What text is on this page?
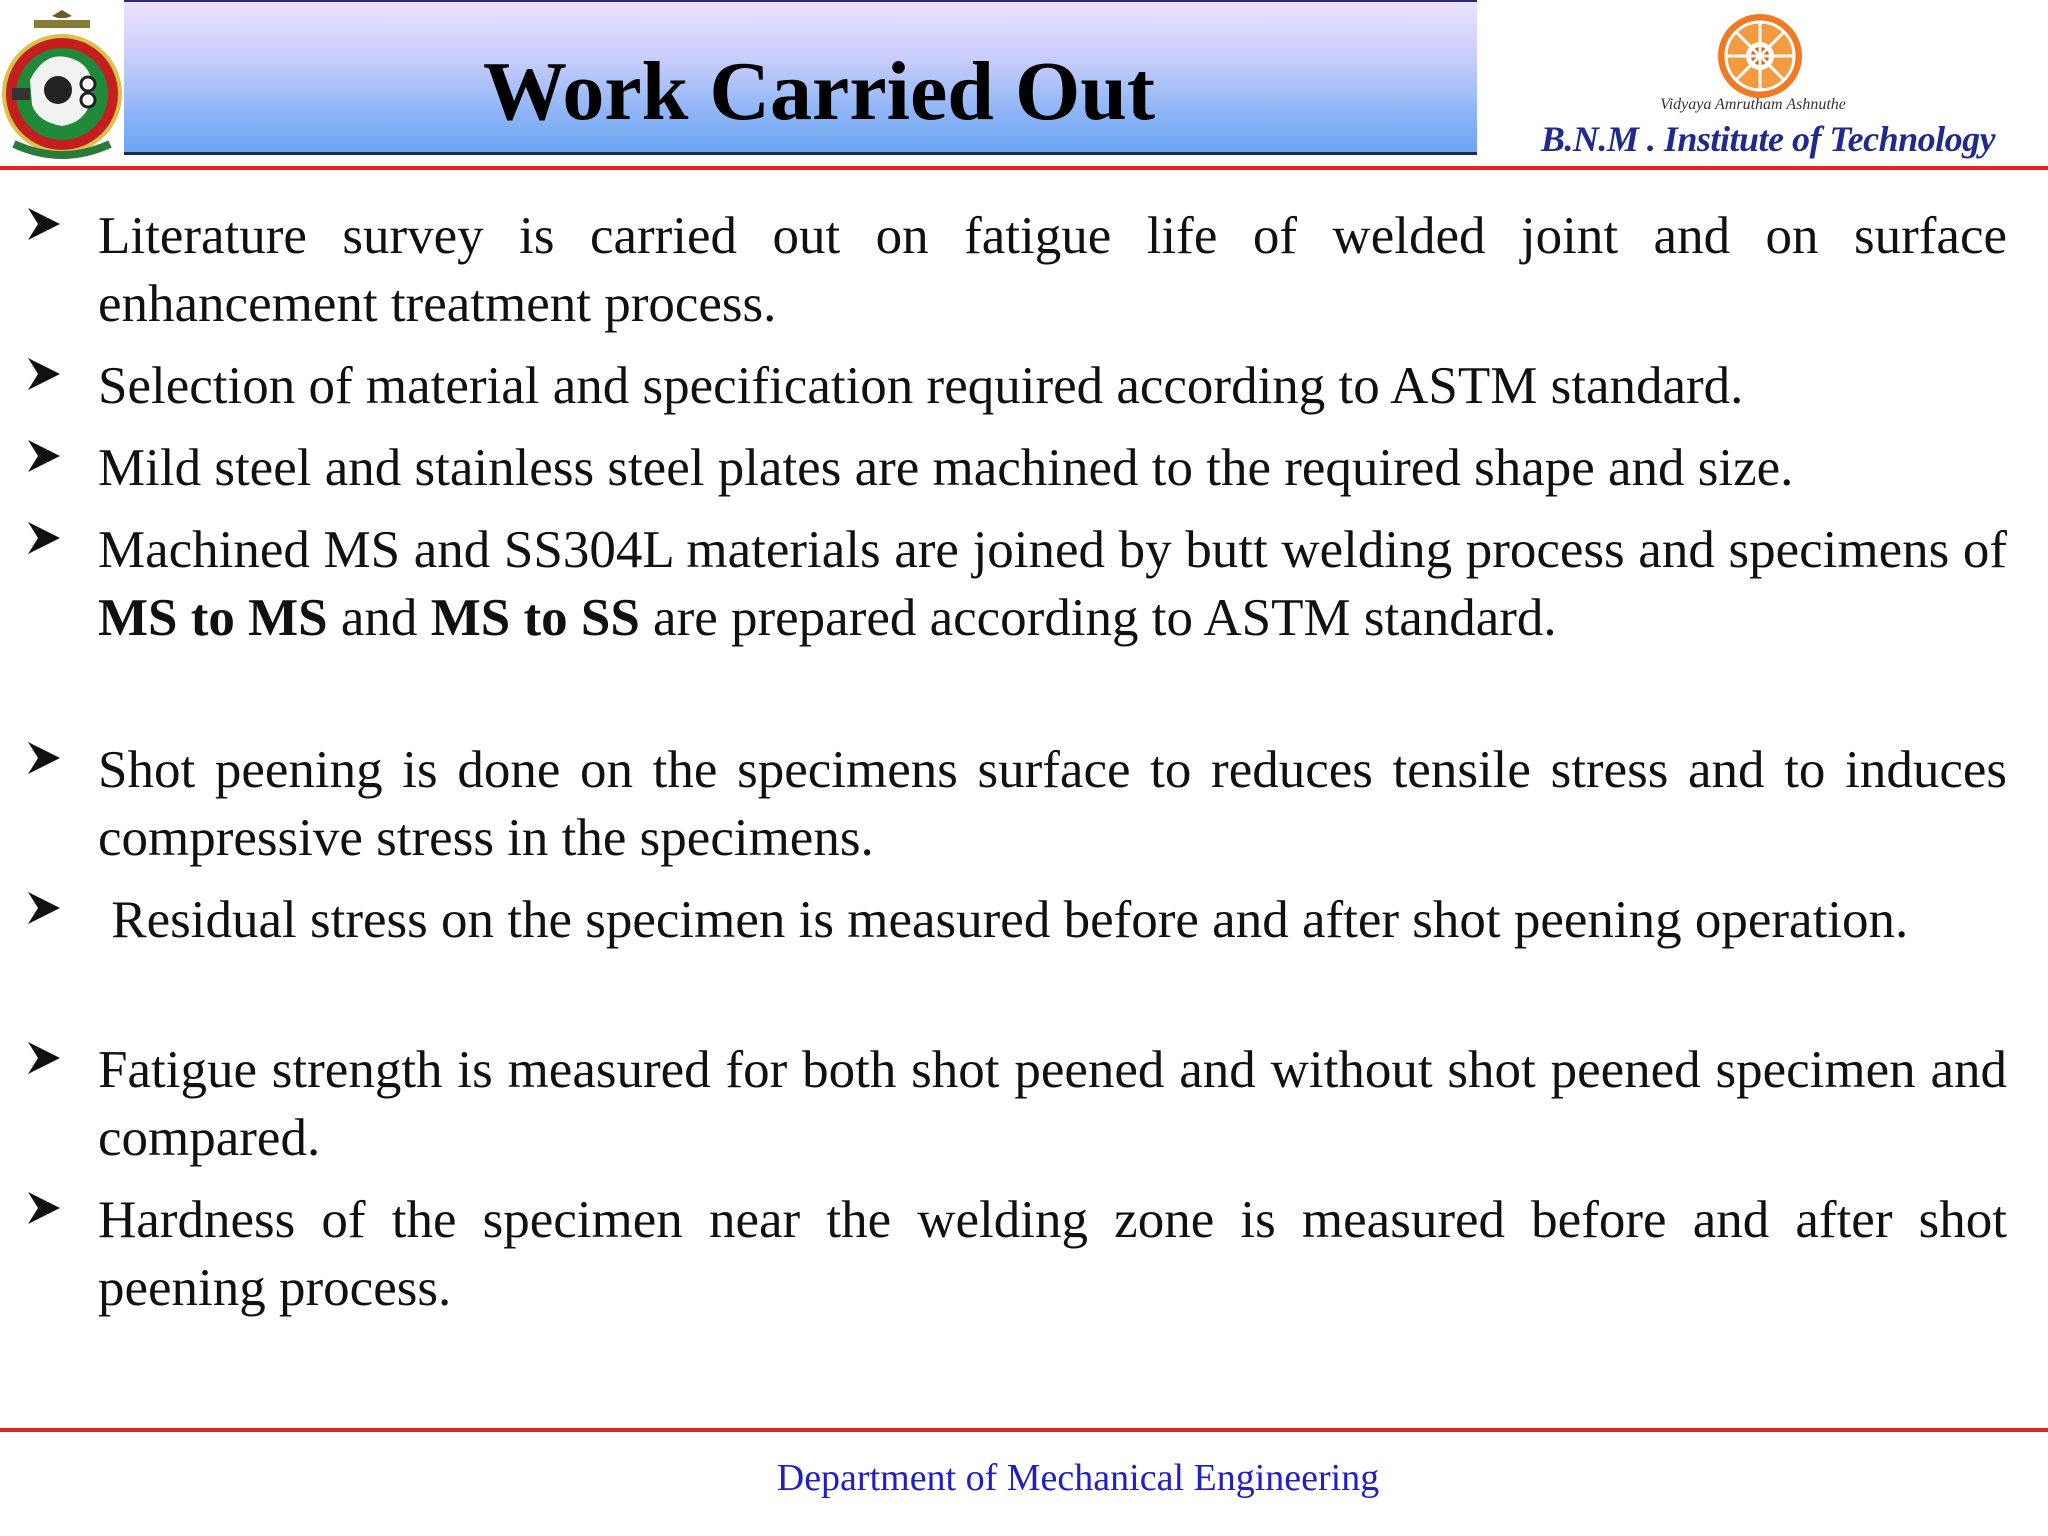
Work Carried Out	Vidyaya Amrutham Ashnuthe
B.N.M . Institute of Technology
Literature survey is carried out on fatigue life of welded joint and on surface enhancement treatment process.
Selection of material and specification required according to ASTM standard.
Mild steel and stainless steel plates are machined to the required shape and size.
Machined MS and SS304L materials are joined by butt welding process and specimens of MS to MS and MS to SS are prepared according to ASTM standard.
Shot peening is done on the specimens surface to reduces tensile stress and to induces compressive stress in the specimens.
Residual stress on the specimen is measured before and after shot peening operation.
Fatigue strength is measured for both shot peened and without shot peened specimen and compared.
Hardness of the specimen near the welding zone is measured before and after shot peening process.
Department of Mechanical Engineering
